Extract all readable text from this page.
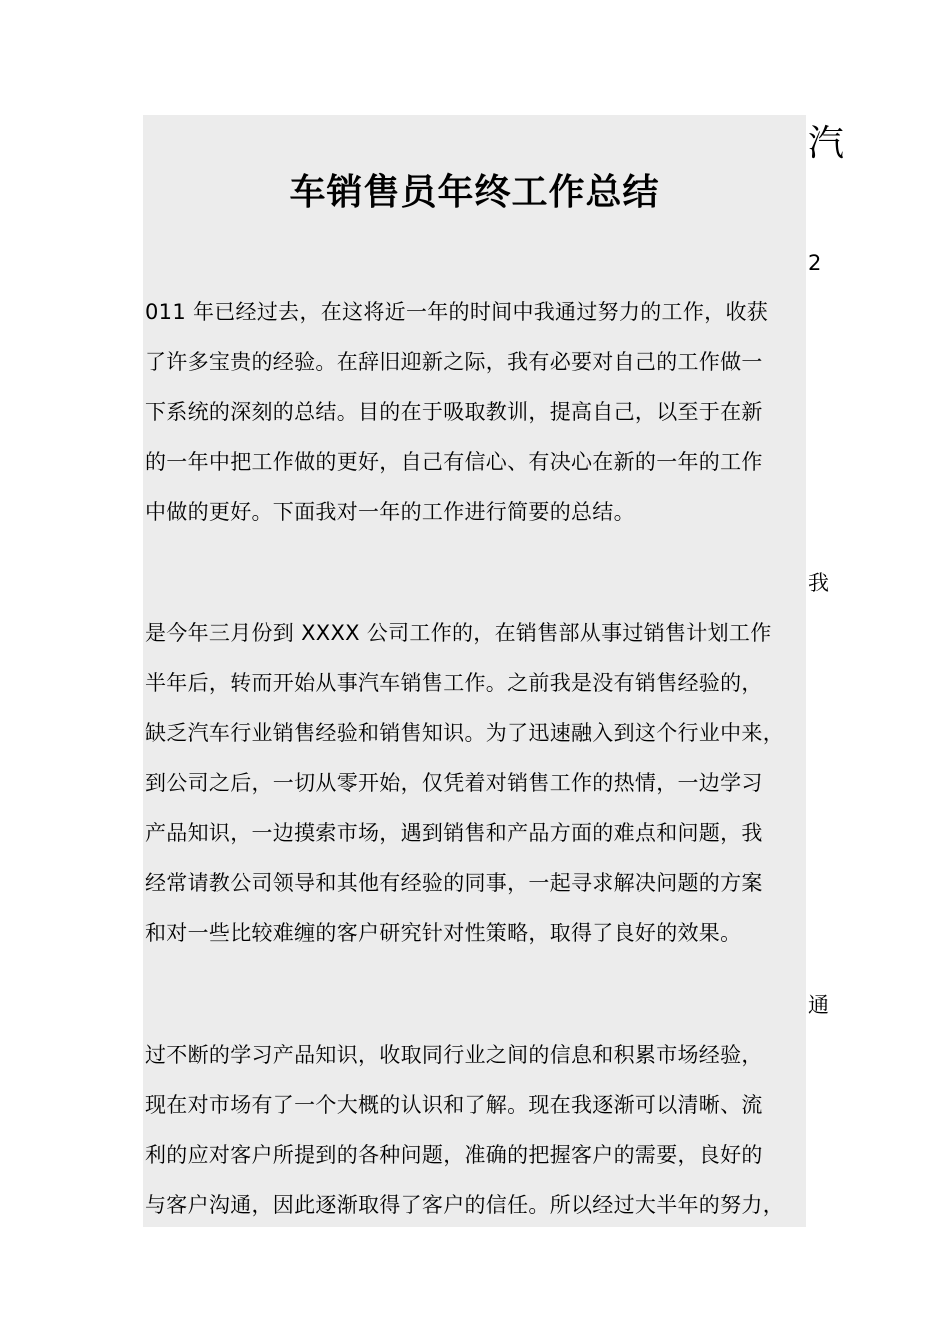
汽
车销售员年终工作总结
2
011 年已经过去，在这将近一年的时间中我通过努力的工作，收获
了许多宝贵的经验。在辞旧迎新之际，我有必要对自己的工作做一
下系统的深刻的总结。目的在于吸取教训，提高自己，以至于在新
的一年中把工作做的更好，自己有信心、有决心在新的一年的工作
中做的更好。下面我对一年的工作进行简要的总结。
我
是今年三月份到 XXXX 公司工作的，在销售部从事过销售计划工作
半年后，转而开始从事汽车销售工作。之前我是没有销售经验的，
缺乏汽车行业销售经验和销售知识。为了迅速融入到这个行业中来，
到公司之后，一切从零开始，仅凭着对销售工作的热情，一边学习
产品知识，一边摸索市场，遇到销售和产品方面的难点和问题，我
经常请教公司领导和其他有经验的同事，一起寻求解决问题的方案
和对一些比较难缠的客户研究针对性策略，取得了良好的效果。
通
过不断的学习产品知识，收取同行业之间的信息和积累市场经验，
现在对市场有了一个大概的认识和了解。现在我逐渐可以清晰、流
利的应对客户所提到的各种问题，准确的把握客户的需要，良好的
与客户沟通，因此逐渐取得了客户的信任。所以经过大半年的努力，
